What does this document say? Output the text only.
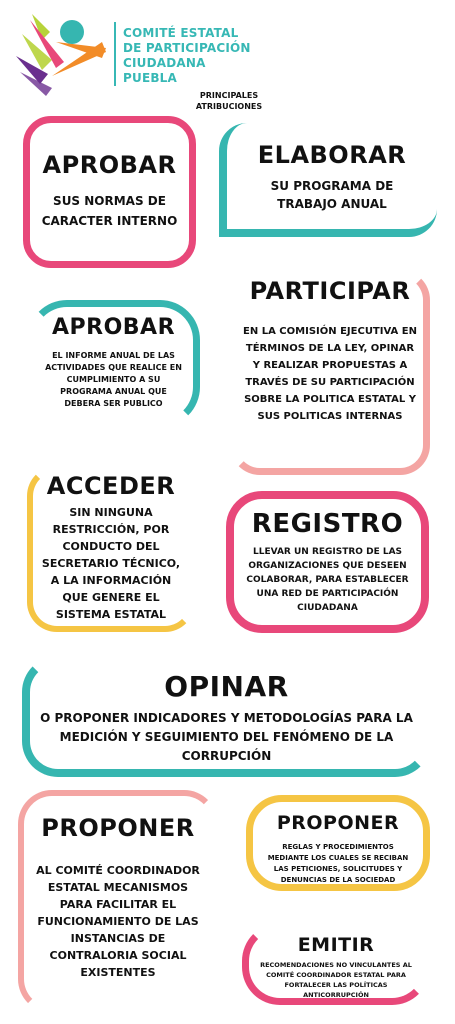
COMITÉ ESTATAL
DE PARTICIPACIÓN
CIUDADANA
PUEBLA
PRINCIPALES
ATRIBUCIONES
APROBAR
SUS NORMAS DE CARACTER INTERNO
ELABORAR
SU PROGRAMA DE TRABAJO ANUAL
APROBAR
EL INFORME ANUAL DE LAS ACTIVIDADES QUE REALICE EN CUMPLIMIENTO A SU PROGRAMA ANUAL QUE DEBERA SER PUBLICO
PARTICIPAR
EN LA COMISIÓN EJECUTIVA EN TÉRMINOS DE LA LEY, OPINAR Y REALIZAR PROPUESTAS A TRAVÉS DE SU PARTICIPACIÓN SOBRE LA POLITICA ESTATAL Y SUS POLITICAS INTERNAS
ACCEDER
SIN NINGUNA RESTRICCIÓN, POR CONDUCTO DEL SECRETARIO TÉCNICO, A LA INFORMACIÓN QUE GENERE EL SISTEMA ESTATAL
REGISTRO
LLEVAR UN REGISTRO DE LAS ORGANIZACIONES QUE DESEEN COLABORAR, PARA ESTABLECER UNA RED DE PARTICIPACIÓN CIUDADANA
OPINAR
O PROPONER INDICADORES Y METODOLOGÍAS PARA LA MEDICIÓN Y SEGUIMIENTO DEL FENÓMENO DE LA CORRUPCIÓN
PROPONER
AL COMITÉ COORDINADOR ESTATAL MECANISMOS PARA FACILITAR EL FUNCIONAMIENTO DE LAS INSTANCIAS DE CONTRALORIA SOCIAL EXISTENTES
PROPONER
REGLAS Y PROCEDIMIENTOS MEDIANTE LOS CUALES SE RECIBAN LAS PETICIONES, SOLICITUDES Y DENUNCIAS DE LA SOCIEDAD
EMITIR
RECOMENDACIONES NO VINCULANTES AL COMITÉ COORDINADOR ESTATAL PARA FORTALECER LAS POLÍTICAS ANTICORRUPCIÓN
